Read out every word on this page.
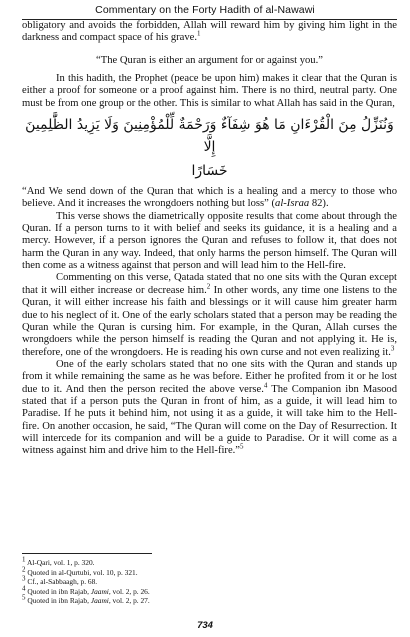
Commentary on the Forty Hadith of al-Nawawi

obligatory and avoids the forbidden, Allah will reward him by giving him light in the darkness and compact space of his grave.$^1$

“The Quran is either an argument for or against you.”

In this hadith, the Prophet (peace be upon him) makes it clear that the Quran is either a proof for someone or a proof against him. There is no third, neutral party. One must be from one group or the other. This is similar to what Allah has said in the Quran,

وَنُنَزِّلُ مِنَ الْقُرْءَانِ مَا هُوَ شِفَآءٌ وَرَحْمَةٌ لِّلْمُؤْمِنِينَ وَلَا يَزِيدُ الظَّٰلِمِينَ إِلَّا

خَسَارًا

“And We send down of the Quran that which is a healing and a mercy to those who believe. And it increases the wrongdoers nothing but loss” (al-Israa 82).

This verse shows the diametrically opposite results that come about through the Quran. If a person turns to it with belief and seeks its guidance, it is a healing and a mercy. However, if a person ignores the Quran and refuses to follow it, that does not harm the Quran in any way. Indeed, that only harms the person himself. The Quran will then come as a witness against that person and will lead him to the Hell-fire.

Commenting on this verse, Qatada stated that no one sits with the Quran except that it will either increase or decrease him.$^2$ In other words, any time one listens to the Quran, it will either increase his faith and blessings or it will cause him greater harm due to his neglect of it. One of the early scholars stated that a person may be reading the Quran while the Quran is cursing him. For example, in the Quran, Allah curses the wrongdoers while the person himself is reading the Quran and not applying it. He is, therefore, one of the wrongdoers. He is reading his own curse and not even realizing it.$^3$

One of the early scholars stated that no one sits with the Quran and stands up from it while remaining the same as he was before. Either he profited from it or he lost due to it. And then the person recited the above verse.$^4$ The Companion ibn Masood stated that if a person puts the Quran in front of him, as a guide, it will lead him to Paradise. If he puts it behind him, not using it as a guide, it will take him to the Hell-fire. On another occasion, he said, “The Quran will come on the Day of Resurrection. It will intercede for its companion and will be a guide to Paradise. Or it will come as a witness against him and drive him to the Hell-fire.”$^5$

$^1$ Al-Qari, vol. 1, p. 320.

$^2$ Quoted in al-Qurtubi, vol. 10, p. 321.

$^3$ Cf., al-Sabbaagh, p. 68.

$^4$ Quoted in ibn Rajab, Jaami, vol. 2, p. 26.

$^5$ Quoted in ibn Rajab, Jaami, vol. 2, p. 27.

734
